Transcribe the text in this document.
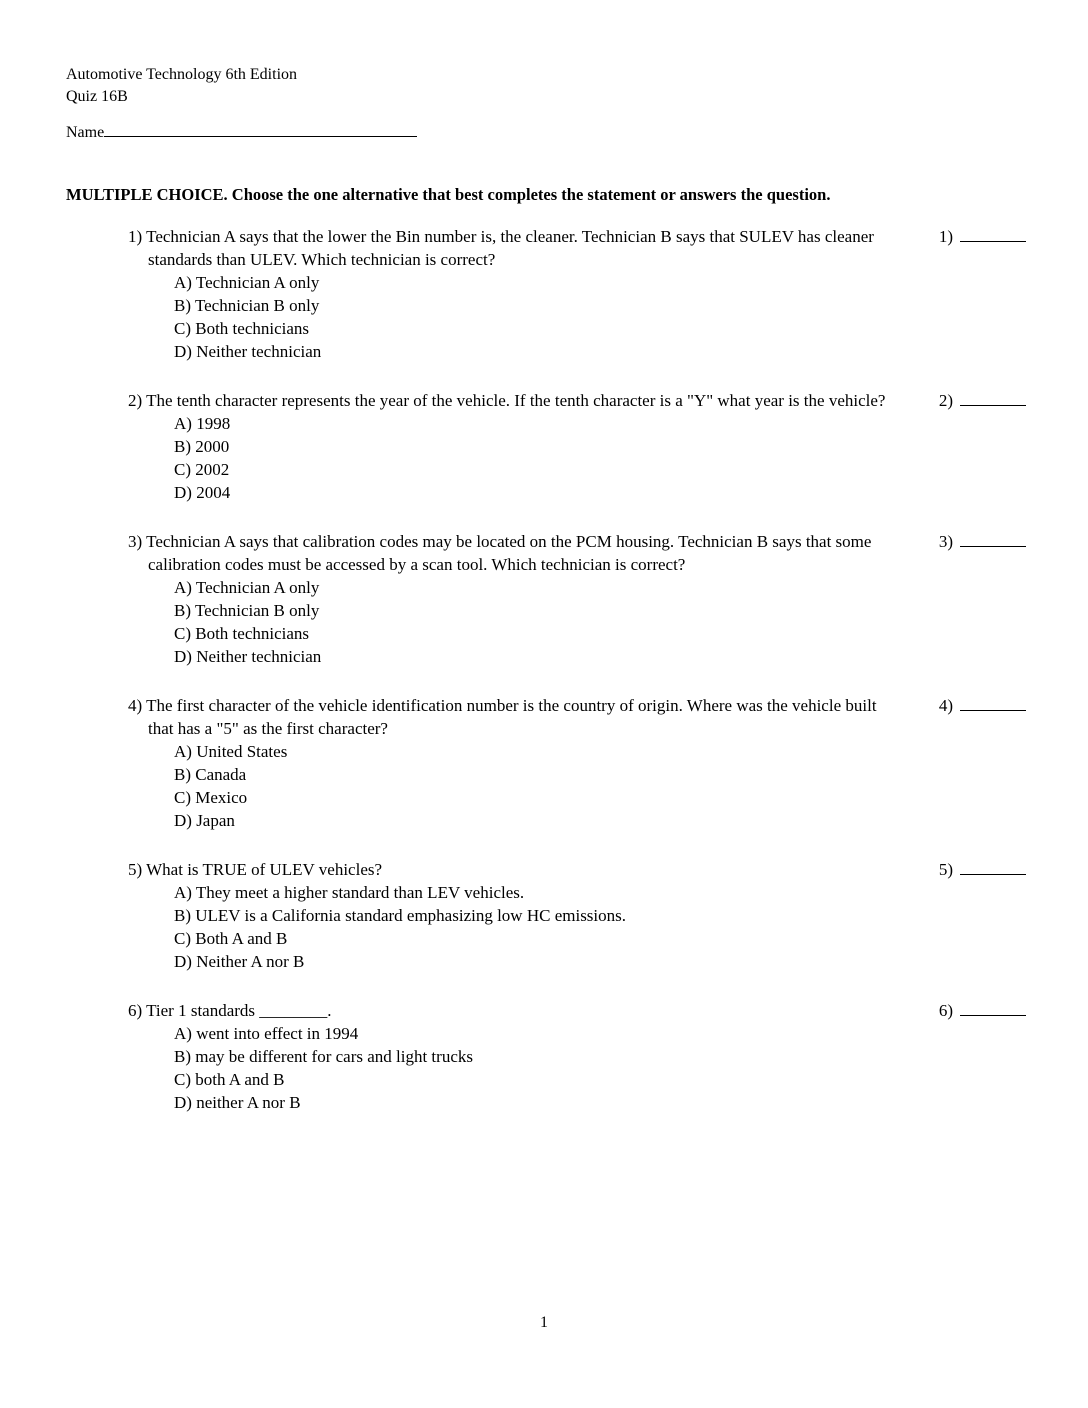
Automotive Technology 6th Edition
Quiz 16B
Name
MULTIPLE CHOICE. Choose the one alternative that best completes the statement or answers the question.
1) Technician A says that the lower the Bin number is, the cleaner. Technician B says that SULEV has cleaner standards than ULEV. Which technician is correct?
A) Technician A only
B) Technician B only
C) Both technicians
D) Neither technician
1)
2) The tenth character represents the year of the vehicle. If the tenth character is a "Y" what year is the vehicle?
A) 1998
B) 2000
C) 2002
D) 2004
2)
3) Technician A says that calibration codes may be located on the PCM housing. Technician B says that some calibration codes must be accessed by a scan tool. Which technician is correct?
A) Technician A only
B) Technician B only
C) Both technicians
D) Neither technician
3)
4) The first character of the vehicle identification number is the country of origin. Where was the vehicle built that has a "5" as the first character?
A) United States
B) Canada
C) Mexico
D) Japan
4)
5) What is TRUE of ULEV vehicles?
A) They meet a higher standard than LEV vehicles.
B) ULEV is a California standard emphasizing low HC emissions.
C) Both A and B
D) Neither A nor B
5)
6) Tier 1 standards ________.
A) went into effect in 1994
B) may be different for cars and light trucks
C) both A and B
D) neither A nor B
6)
1
